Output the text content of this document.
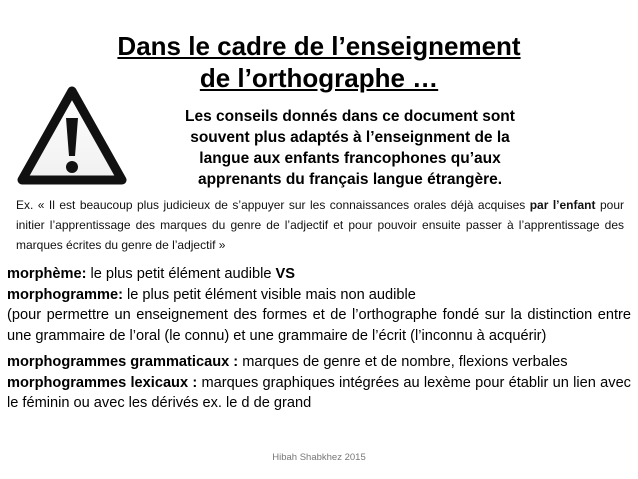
Dans le cadre de l’enseignement
de l’orthographe …
Les conseils donnés dans ce document sont
souvent plus adaptés à l’enseignment de la
langue aux enfants francophones qu’aux
apprenants du français langue étrangère.
Ex. « Il est beaucoup plus judicieux de s’appuyer sur les connaissances orales déjà acquises par l’enfant pour initier l’apprentissage des marques du genre de l’adjectif et pour pouvoir ensuite passer à l’apprentissage des marques écrites du genre de l’adjectif »

morphème: le plus petit élément audible VS

morphogramme: le plus petit élément visible mais non audible

(pour permettre un enseignement des formes et de l’orthographe fondé sur la distinction entre une grammaire de l’oral (le connu) et une grammaire de l’écrit (l’inconnu à acquérir)

morphogrammes grammaticaux : marques de genre et de nombre, flexions verbales

morphogrammes lexicaux : marques graphiques intégrées au lexème pour établir un lien avec le féminin ou avec les dérivés ex. le d de grand

Hibah Shabkhez 2015
